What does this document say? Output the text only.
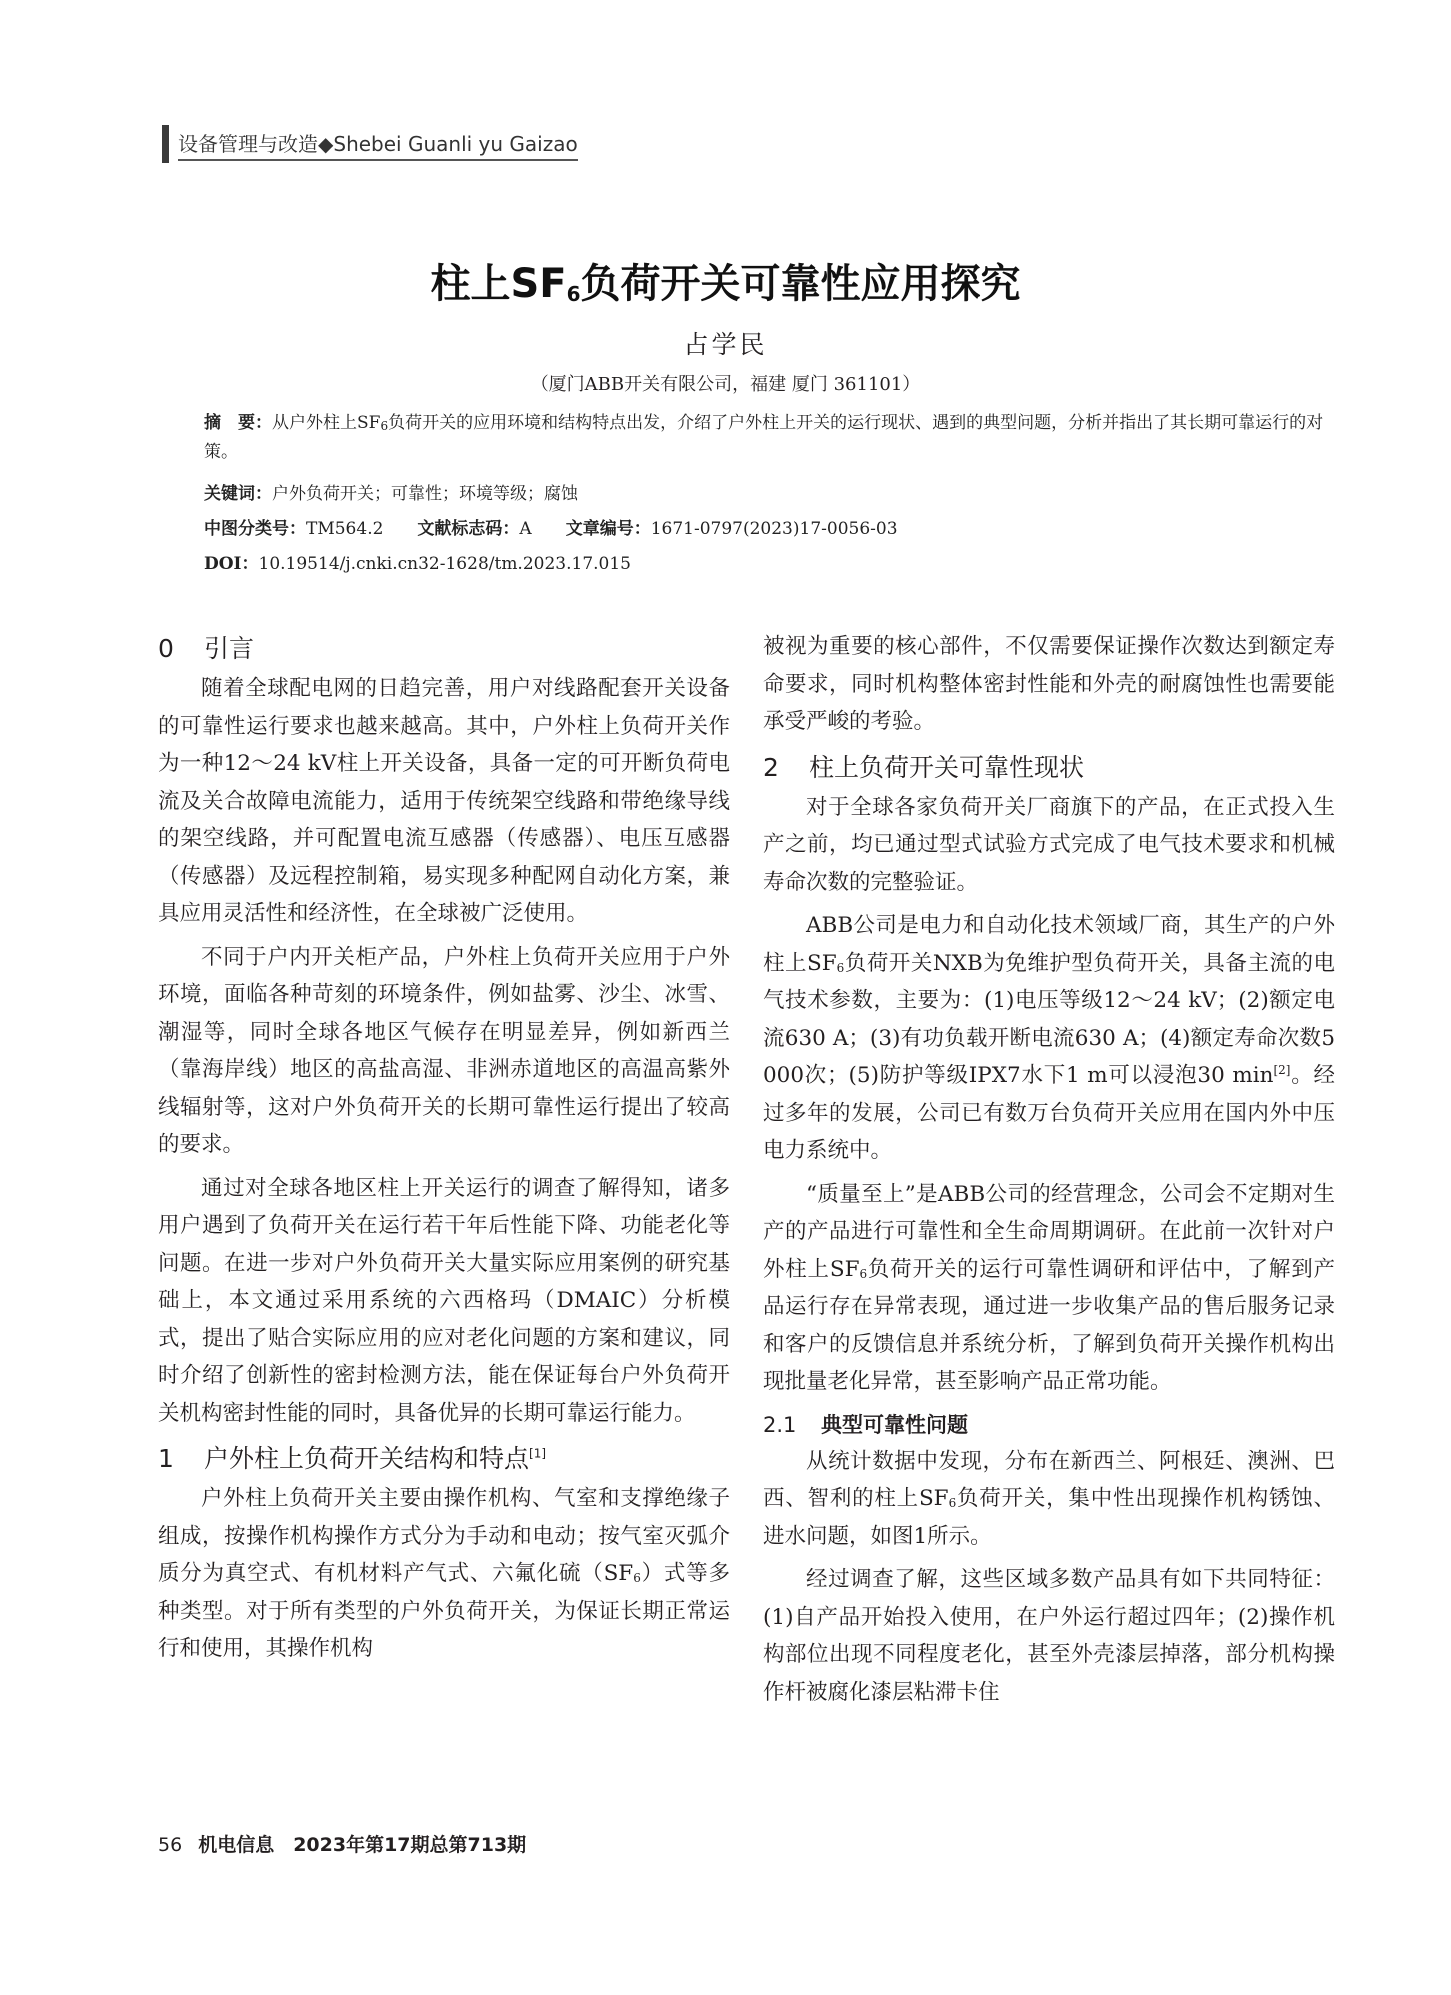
设备管理与改造◆Shebei Guanli yu Gaizao
柱上$SF_6$负荷开关可靠性应用探究
占学民
（厦门ABB开关有限公司，福建 厦门 361101）
摘　要：从户外柱上$SF_6$负荷开关的应用环境和结构特点出发，介绍了户外柱上开关的运行现状、遇到的典型问题，分析并指出了其长期可靠运行的对策。
关键词：户外负荷开关；可靠性；环境等级；腐蚀
中图分类号：TM564.2 文献标志码：A 文章编号：1671-0797(2023)17-0056-03
DOI：10.19514/j.cnki.cn32-1628/tm.2023.17.015
0 引言

随着全球配电网的日趋完善，用户对线路配套开关设备的可靠性运行要求也越来越高。其中，户外柱上负荷开关作为一种12～24 kV柱上开关设备，具备一定的可开断负荷电流及关合故障电流能力，适用于传统架空线路和带绝缘导线的架空线路，并可配置电流互感器（传感器）、电压互感器（传感器）及远程控制箱，易实现多种配网自动化方案，兼具应用灵活性和经济性，在全球被广泛使用。

不同于户内开关柜产品，户外柱上负荷开关应用于户外环境，面临各种苛刻的环境条件，例如盐雾、沙尘、冰雪、潮湿等，同时全球各地区气候存在明显差异，例如新西兰（靠海岸线）地区的高盐高湿、非洲赤道地区的高温高紫外线辐射等，这对户外负荷开关的长期可靠性运行提出了较高的要求。

通过对全球各地区柱上开关运行的调查了解得知，诸多用户遇到了负荷开关在运行若干年后性能下降、功能老化等问题。在进一步对户外负荷开关大量实际应用案例的研究基础上，本文通过采用系统的六西格玛（DMAIC）分析模式，提出了贴合实际应用的应对老化问题的方案和建议，同时介绍了创新性的密封检测方法，能在保证每台户外负荷开关机构密封性能的同时，具备优异的长期可靠运行能力。

1 户外柱上负荷开关结构和特点[1]

户外柱上负荷开关主要由操作机构、气室和支撑绝缘子组成，按操作机构操作方式分为手动和电动；按气室灭弧介质分为真空式、有机材料产气式、六氟化硫$(SF_6)$式等多种类型。对于所有类型的户外负荷开关，为保证长期正常运行和使用，其操作机构

被视为重要的核心部件，不仅需要保证操作次数达到额定寿命要求，同时机构整体密封性能和外壳的耐腐蚀性也需要能承受严峻的考验。

2 柱上负荷开关可靠性现状

对于全球各家负荷开关厂商旗下的产品，在正式投入生产之前，均已通过型式试验方式完成了电气技术要求和机械寿命次数的完整验证。

ABB公司是电力和自动化技术领域厂商，其生产的户外柱上$SF_6$负荷开关NXB为免维护型负荷开关，具备主流的电气技术参数，主要为：(1)电压等级12～24 kV；(2)额定电流630 A；(3)有功负载开断电流630 A；(4)额定寿命次数5 000次；(5)防护等级IPX7水下1 m可以浸泡30 min[2]。经过多年的发展，公司已有数万台负荷开关应用在国内外中压电力系统中。

“质量至上”是ABB公司的经营理念，公司会不定期对生产的产品进行可靠性和全生命周期调研。在此前一次针对户外柱上$SF_6$负荷开关的运行可靠性调研和评估中，了解到产品运行存在异常表现，通过进一步收集产品的售后服务记录和客户的反馈信息并系统分析，了解到负荷开关操作机构出现批量老化异常，甚至影响产品正常功能。

2.1 典型可靠性问题

从统计数据中发现，分布在新西兰、阿根廷、澳洲、巴西、智利的柱上$SF_6$负荷开关，集中性出现操作机构锈蚀、进水问题，如图1所示。

经过调查了解，这些区域多数产品具有如下共同特征：(1)自产品开始投入使用，在户外运行超过四年；(2)操作机构部位出现不同程度老化，甚至外壳漆层掉落，部分机构操作杆被腐化漆层粘滞卡住

56 机电信息　2023年第17期总第713期
